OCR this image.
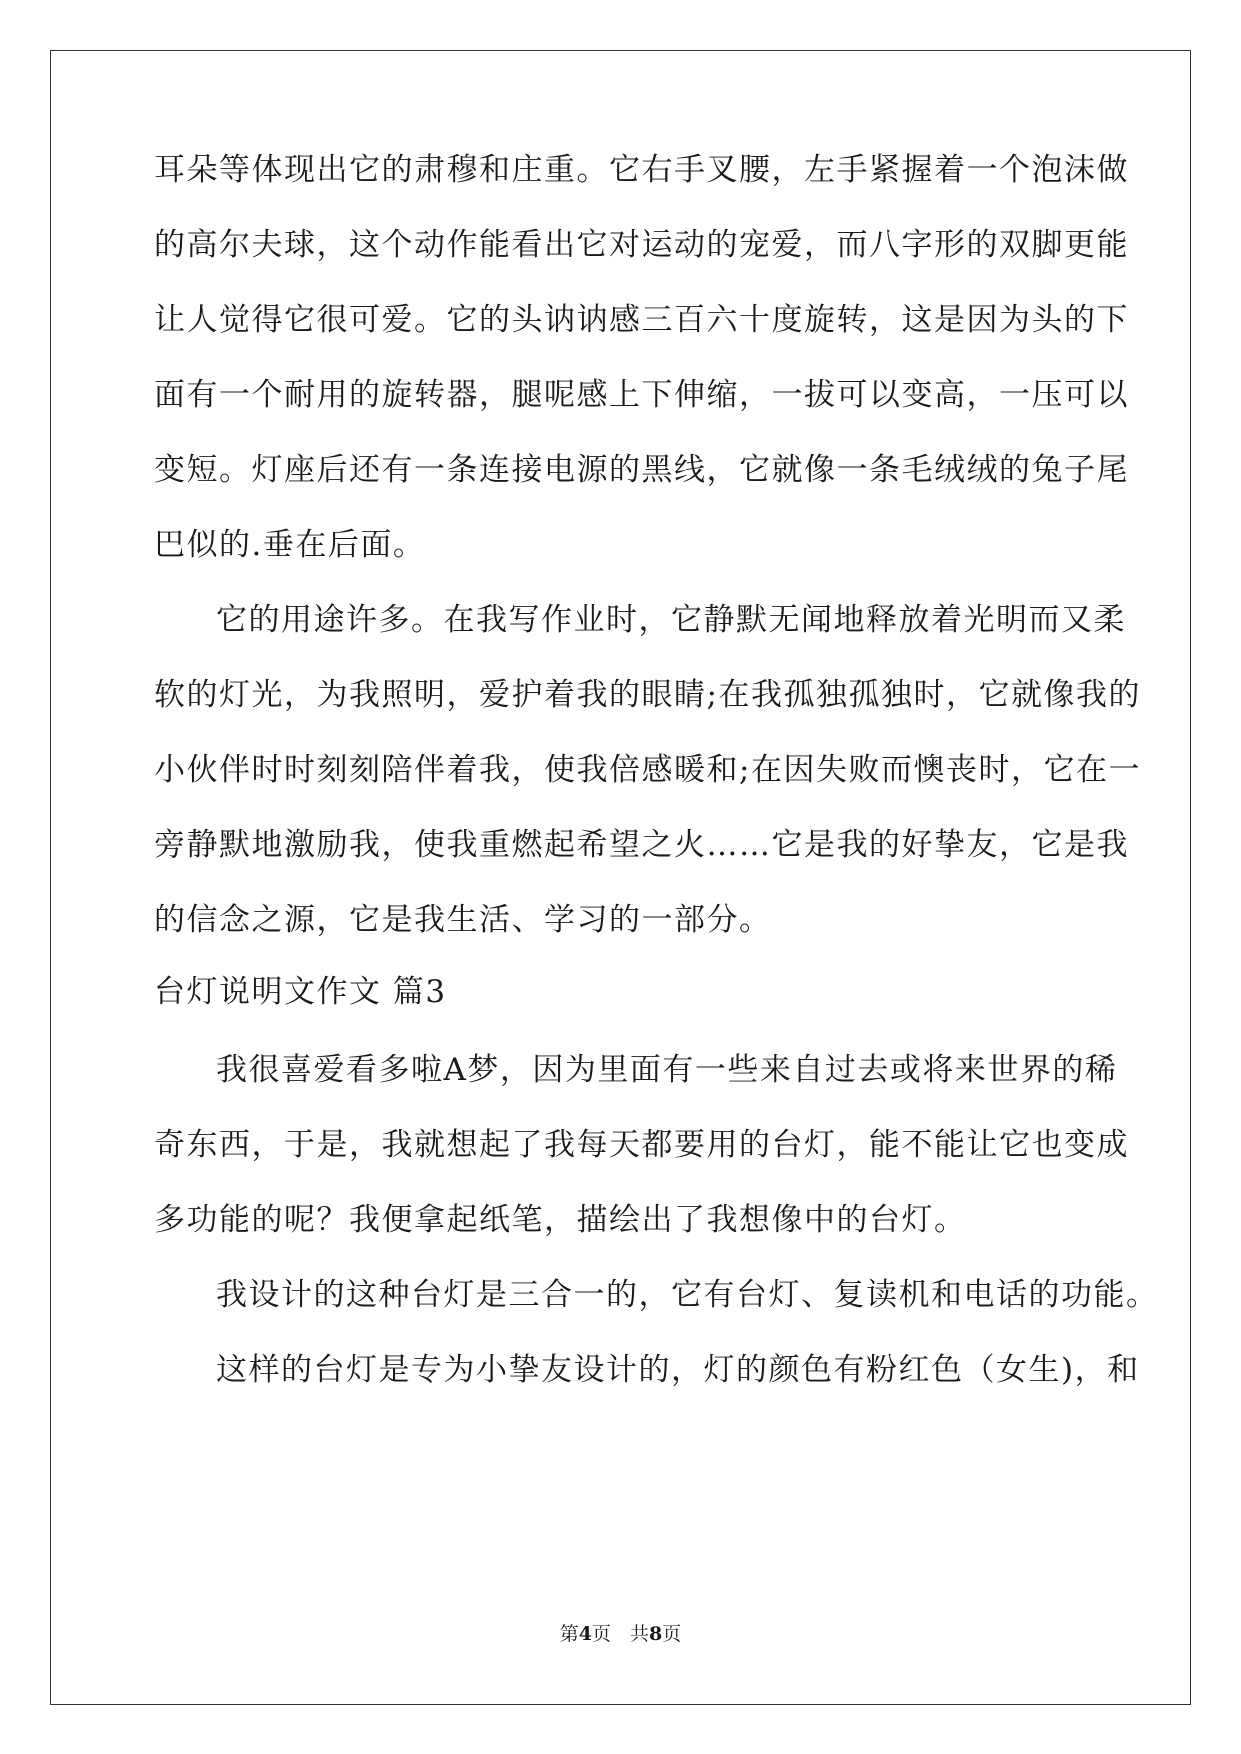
耳朵等体现出它的肃穆和庄重。它右手叉腰，左手紧握着一个泡沫做
的高尔夫球，这个动作能看出它对运动的宠爱，而八字形的双脚更能
让人觉得它很可爱。它的头讷讷感三百六十度旋转，这是因为头的下
面有一个耐用的旋转器，腿呢感上下伸缩，一拔可以变高，一压可以
变短。灯座后还有一条连接电源的黑线，它就像一条毛绒绒的兔子尾
巴似的.垂在后面。
它的用途许多。在我写作业时，它静默无闻地释放着光明而又柔
软的灯光，为我照明，爱护着我的眼睛;在我孤独孤独时，它就像我的
小伙伴时时刻刻陪伴着我，使我倍感暖和;在因失败而懊丧时，它在一
旁静默地激励我，使我重燃起希望之火……它是我的好挚友，它是我
的信念之源，它是我生活、学习的一部分。
台灯说明文作文 篇3
我很喜爱看多啦A梦，因为里面有一些来自过去或将来世界的稀
奇东西，于是，我就想起了我每天都要用的台灯，能不能让它也变成
多功能的呢？我便拿起纸笔，描绘出了我想像中的台灯。
我设计的这种台灯是三合一的，它有台灯、复读机和电话的功能。
这样的台灯是专为小挚友设计的，灯的颜色有粉红色（女生)，和
第4页　共8页
